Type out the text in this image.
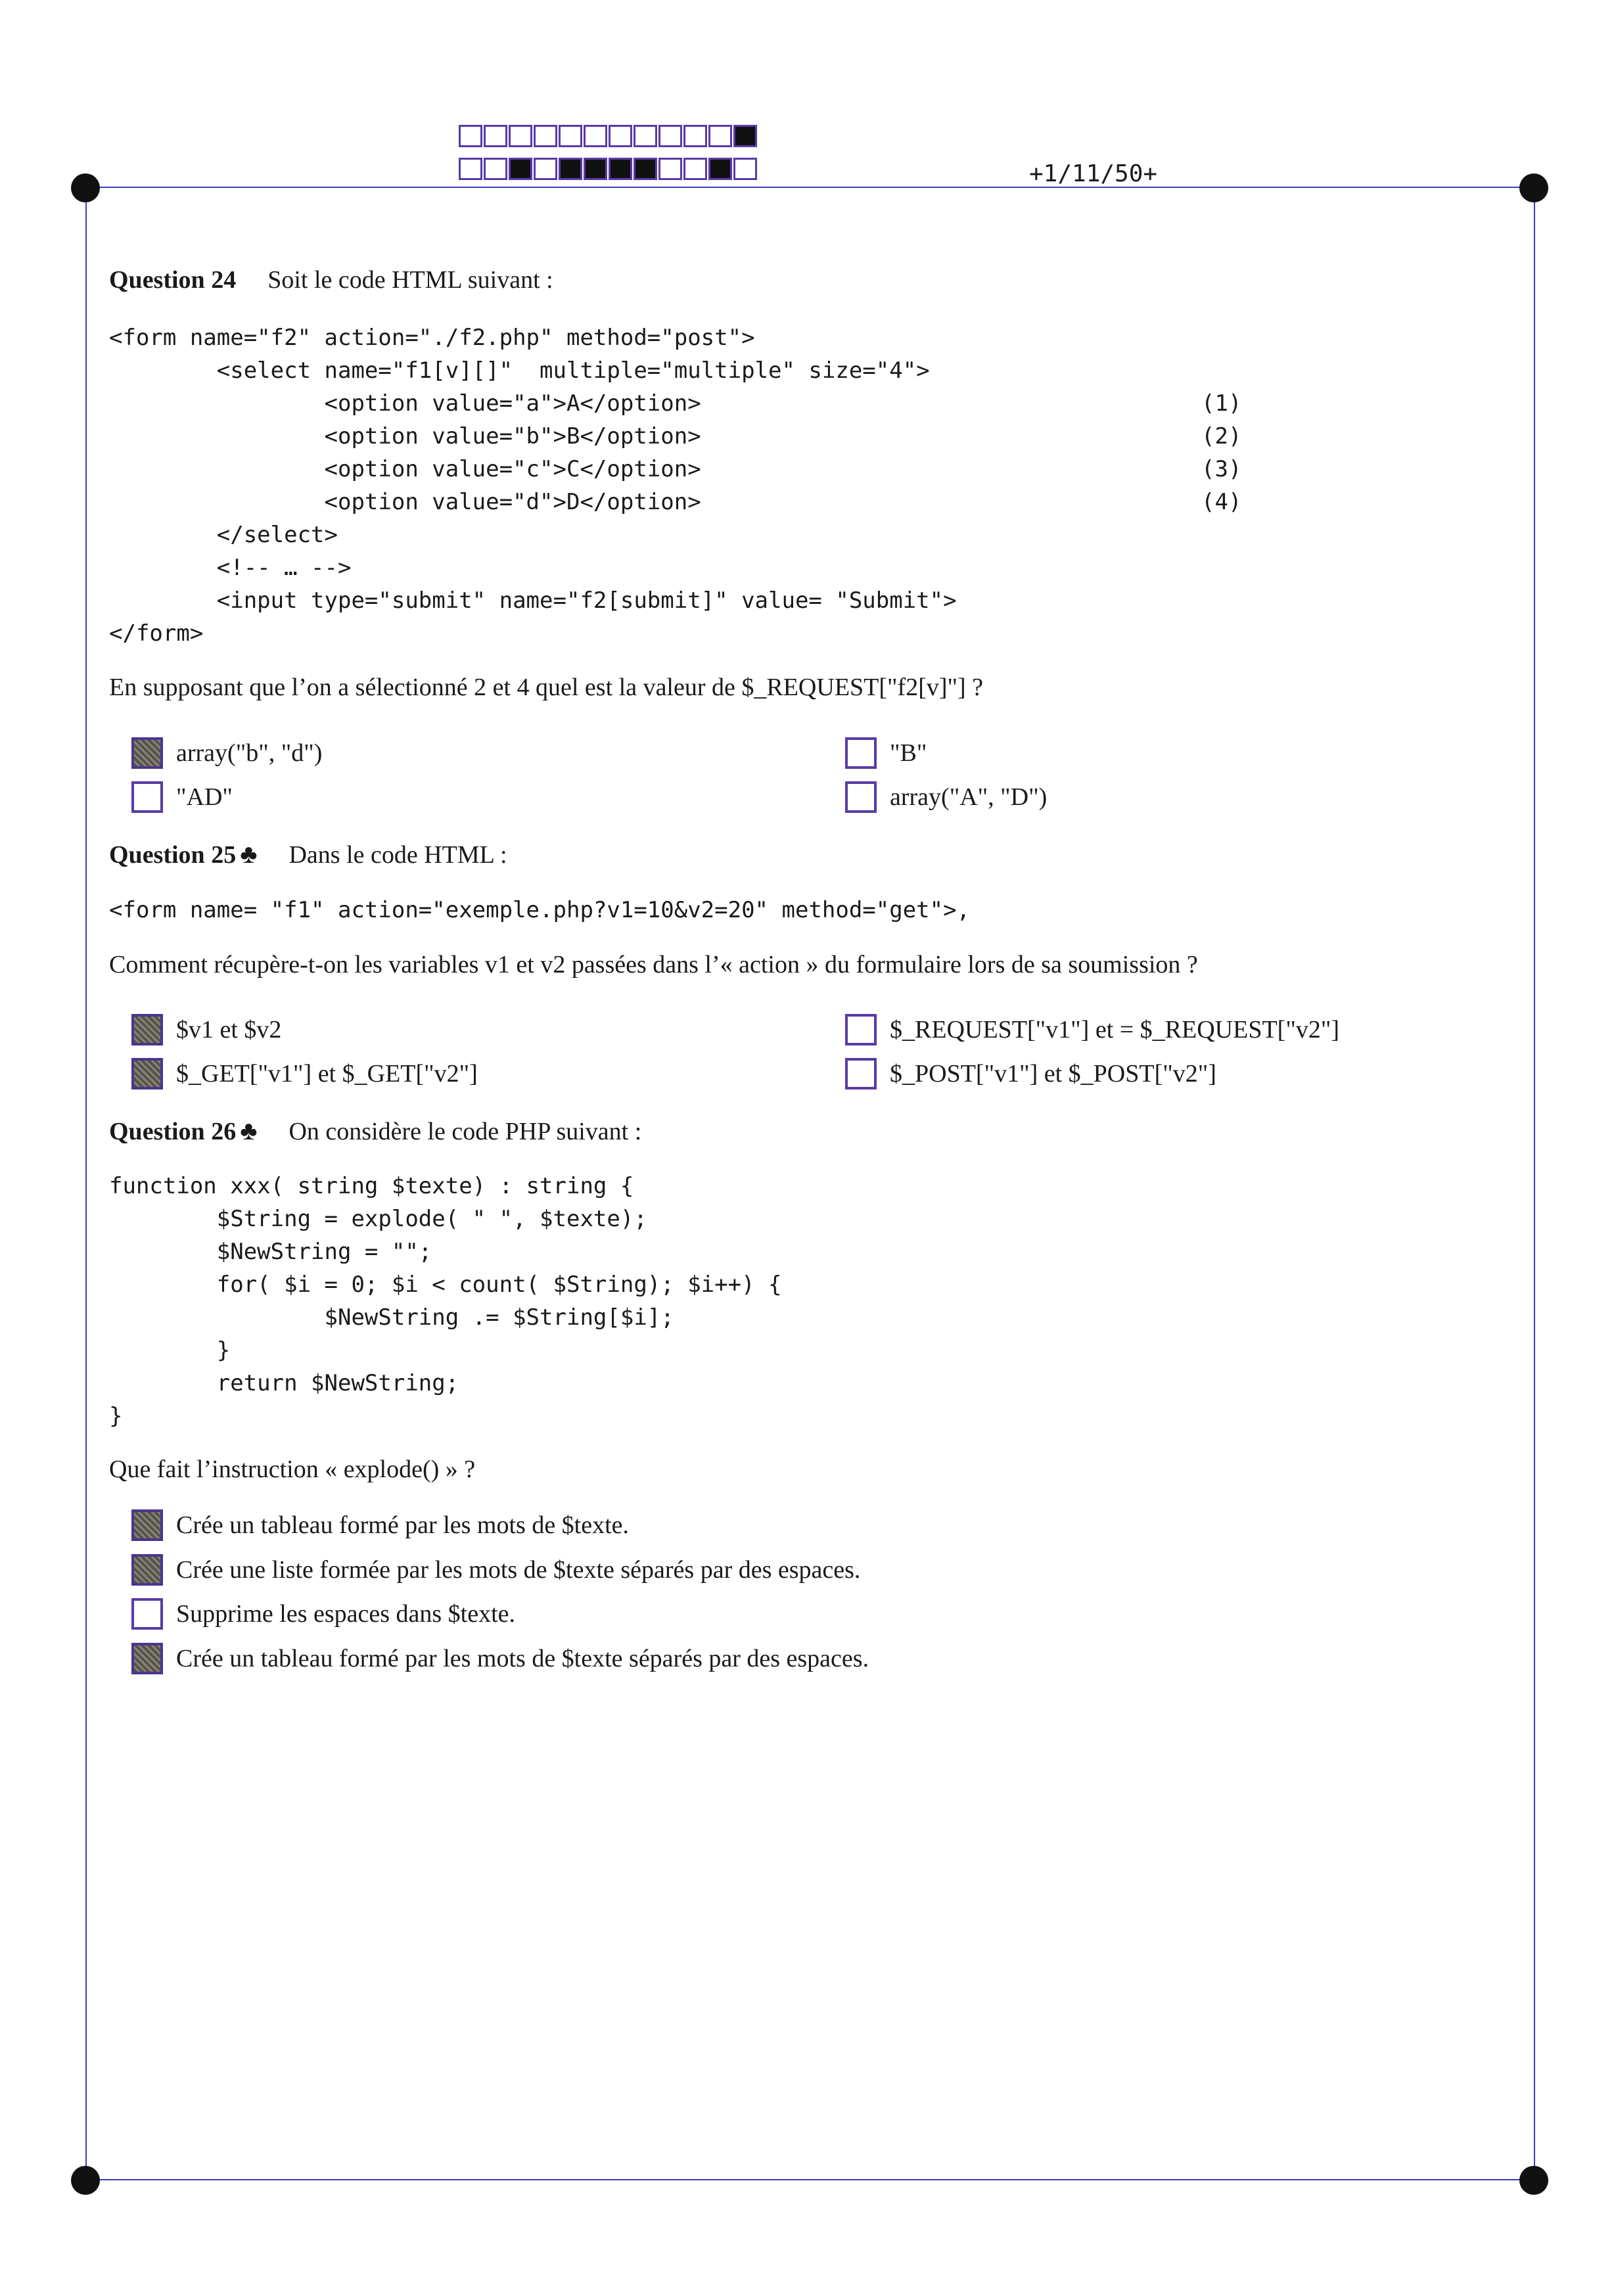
+1/11/50+
Question 24 Soit le code HTML suivant :
<form name="f2" action="./f2.php" method="post">
<select name="f1[v][]"  multiple="multiple" size="4">
<option value="a">A</option>
<option value="b">B</option>
<option value="c">C</option>
<option value="d">D</option>
</select>
<!-- … -->
<input type="submit" name="f2[submit]" value= "Submit">
</form>
(1)
(2)
(3)
(4)
En supposant que l’on a sélectionné 2 et 4 quel est la valeur de $_REQUEST["f2[v]"] ?
array("b", "d")	"B"
"AD"	array("A", "D")
Question 25 ♣ Dans le code HTML :
<form name= "f1" action="exemple.php?v1=10&v2=20" method="get">,
Comment récupère-t-on les variables v1 et v2 passées dans l’« action » du formulaire lors de sa soumission ?
$v1 et $v2	$_REQUEST["v1"] et = $_REQUEST["v2"]
$_GET["v1"] et $_GET["v2"]	$_POST["v1"] et $_POST["v2"]
Question 26 ♣ On considère le code PHP suivant :
function xxx( string $texte) : string {
$String = explode( " ", $texte);
$NewString = "";
for( $i = 0; $i < count( $String); $i++) {
$NewString .= $String[$i];
}
return $NewString;
}
Que fait l’instruction « explode() » ?
Crée un tableau formé par les mots de $texte.
Crée une liste formée par les mots de $texte séparés par des espaces.
Supprime les espaces dans $texte.
Crée un tableau formé par les mots de $texte séparés par des espaces.
